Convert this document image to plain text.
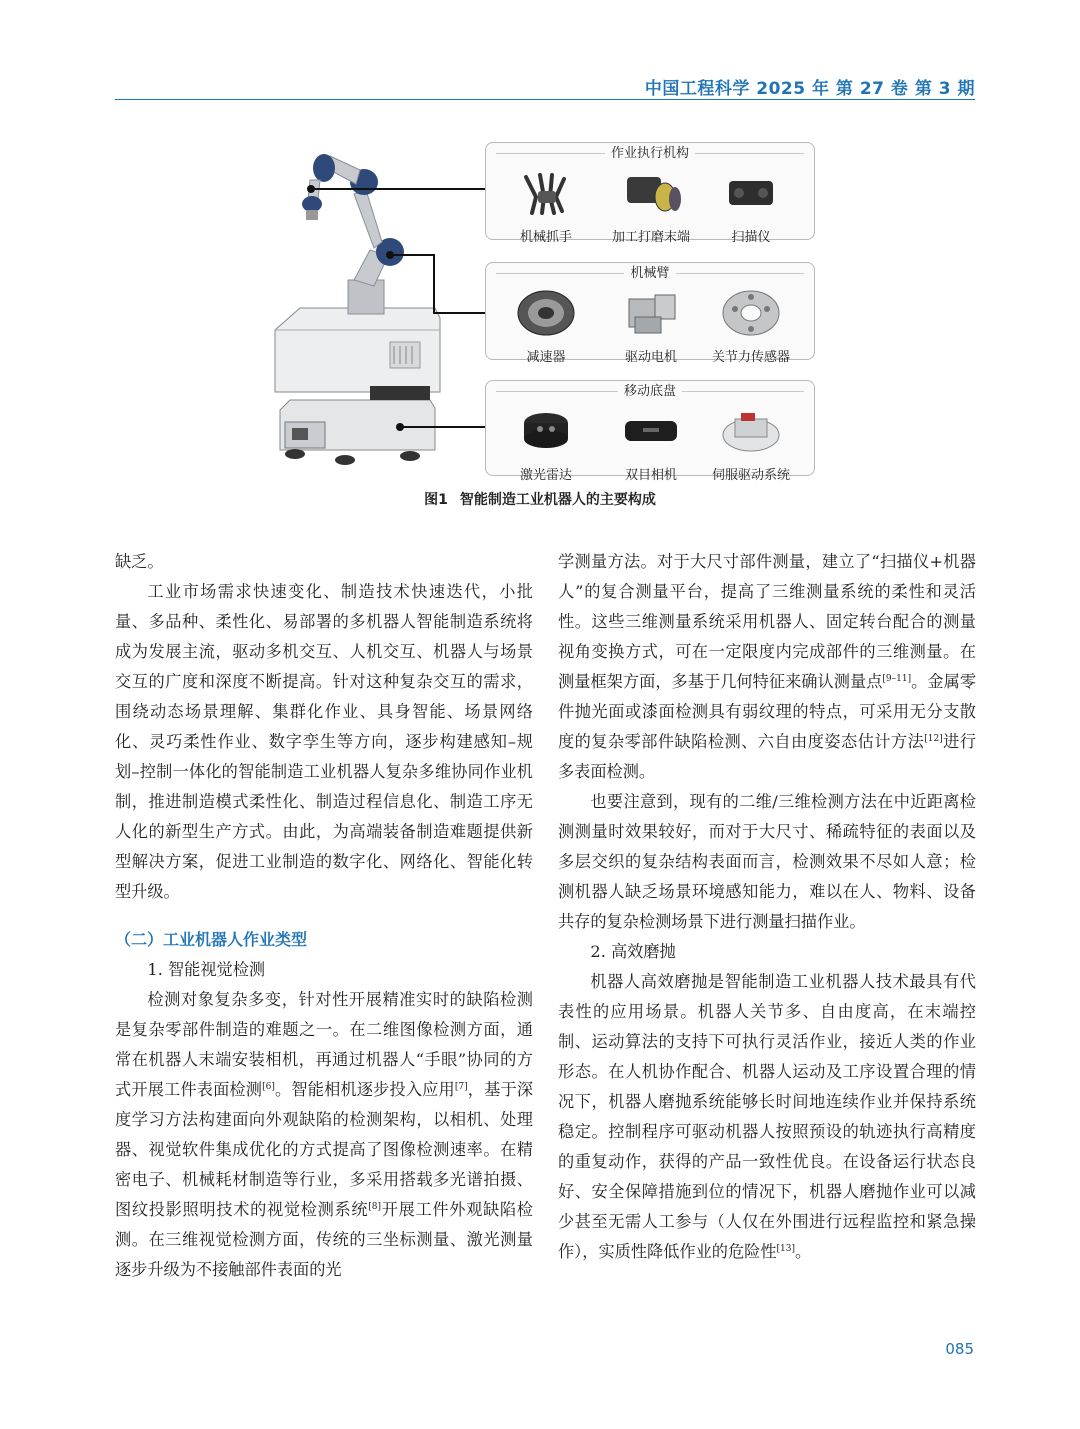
中国工程科学 2025 年 第 27 卷 第 3 期
作业执行机构
机械抓手	加工打磨末端	扫描仪
机械臂
减速器	驱动电机	关节力传感器
移动底盘
激光雷达	双目相机	伺服驱动系统
图1 智能制造工业机器人的主要构成

缺乏。

工业市场需求快速变化、制造技术快速迭代，小批量、多品种、柔性化、易部署的多机器人智能制造系统将成为发展主流，驱动多机交互、人机交互、机器人与场景交互的广度和深度不断提高。针对这种复杂交互的需求，围绕动态场景理解、集群化作业、具身智能、场景网络化、灵巧柔性作业、数字孪生等方向，逐步构建感知–规划–控制一体化的智能制造工业机器人复杂多维协同作业机制，推进制造模式柔性化、制造过程信息化、制造工序无人化的新型生产方式。由此，为高端装备制造难题提供新型解决方案，促进工业制造的数字化、网络化、智能化转型升级。

（二）工业机器人作业类型

1. 智能视觉检测

检测对象复杂多变，针对性开展精准实时的缺陷检测是复杂零部件制造的难题之一。在二维图像检测方面，通常在机器人末端安装相机，再通过机器人“手眼”协同的方式开展工件表面检测[6]。智能相机逐步投入应用[7]，基于深度学习方法构建面向外观缺陷的检测架构，以相机、处理器、视觉软件集成优化的方式提高了图像检测速率。在精密电子、机械耗材制造等行业，多采用搭载多光谱拍摄、图纹投影照明技术的视觉检测系统[8]开展工件外观缺陷检测。在三维视觉检测方面，传统的三坐标测量、激光测量逐步升级为不接触部件表面的光

学测量方法。对于大尺寸部件测量，建立了“扫描仪+机器人”的复合测量平台，提高了三维测量系统的柔性和灵活性。这些三维测量系统采用机器人、固定转台配合的测量视角变换方式，可在一定限度内完成部件的三维测量。在测量框架方面，多基于几何特征来确认测量点[9–11]。金属零件抛光面或漆面检测具有弱纹理的特点，可采用无分支散度的复杂零部件缺陷检测、六自由度姿态估计方法[12]进行多表面检测。

也要注意到，现有的二维/三维检测方法在中近距离检测测量时效果较好，而对于大尺寸、稀疏特征的表面以及多层交织的复杂结构表面而言，检测效果不尽如人意；检测机器人缺乏场景环境感知能力，难以在人、物料、设备共存的复杂检测场景下进行测量扫描作业。

2. 高效磨抛

机器人高效磨抛是智能制造工业机器人技术最具有代表性的应用场景。机器人关节多、自由度高，在末端控制、运动算法的支持下可执行灵活作业，接近人类的作业形态。在人机协作配合、机器人运动及工序设置合理的情况下，机器人磨抛系统能够长时间地连续作业并保持系统稳定。控制程序可驱动机器人按照预设的轨迹执行高精度的重复动作，获得的产品一致性优良。在设备运行状态良好、安全保障措施到位的情况下，机器人磨抛作业可以减少甚至无需人工参与（人仅在外围进行远程监控和紧急操作），实质性降低作业的危险性[13]。

085
